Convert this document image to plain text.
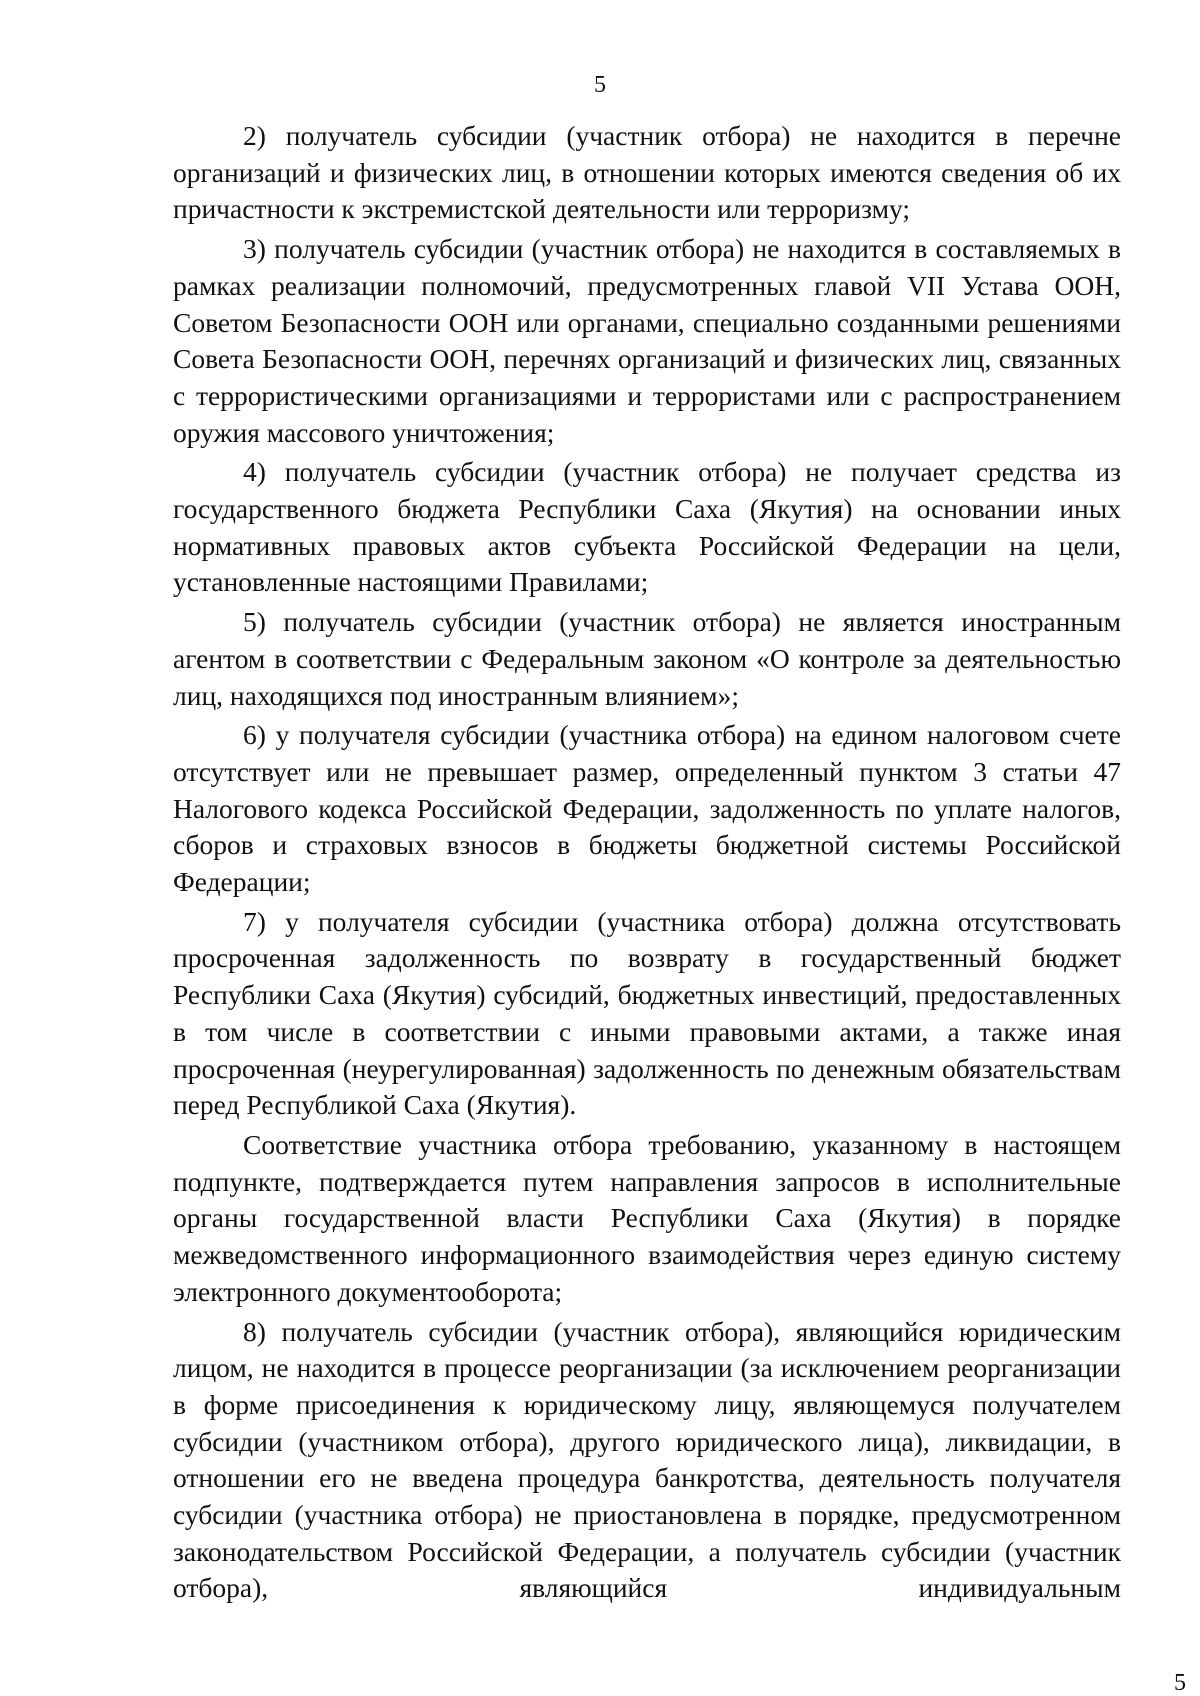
5

2) получатель субсидии (участник отбора) не находится в перечне организаций и физических лиц, в отношении которых имеются сведения об их причастности к экстремистской деятельности или терроризму;

3) получатель субсидии (участник отбора) не находится в составляемых в рамках реализации полномочий, предусмотренных главой VII Устава ООН, Советом Безопасности ООН или органами, специально созданными решениями Совета Безопасности ООН, перечнях организаций и физических лиц, связанных с террористическими организациями и террористами или с распространением оружия массового уничтожения;

4) получатель субсидии (участник отбора) не получает средства из государственного бюджета Республики Саха (Якутия) на основании иных нормативных правовых актов субъекта Российской Федерации на цели, установленные настоящими Правилами;

5) получатель субсидии (участник отбора) не является иностранным агентом в соответствии с Федеральным законом «О контроле за деятельностью лиц, находящихся под иностранным влиянием»;

6) у получателя субсидии (участника отбора) на едином налоговом счете отсутствует или не превышает размер, определенный пунктом 3 статьи 47 Налогового кодекса Российской Федерации, задолженность по уплате налогов, сборов и страховых взносов в бюджеты бюджетной системы Российской Федерации;

7) у получателя субсидии (участника отбора) должна отсутствовать просроченная задолженность по возврату в государственный бюджет Республики Саха (Якутия) субсидий, бюджетных инвестиций, предоставленных в том числе в соответствии с иными правовыми актами, а также иная просроченная (неурегулированная) задолженность по денежным обязательствам перед Республикой Саха (Якутия).

Соответствие участника отбора требованию, указанному в настоящем подпункте, подтверждается путем направления запросов в исполнительные органы государственной власти Республики Саха (Якутия) в порядке межведомственного информационного взаимодействия через единую систему электронного документооборота;

8) получатель субсидии (участник отбора), являющийся юридическим лицом, не находится в процессе реорганизации (за исключением реорганизации в форме присоединения к юридическому лицу, являющемуся получателем субсидии (участником отбора), другого юридического лица), ликвидации, в отношении его не введена процедура банкротства, деятельность получателя субсидии (участника отбора) не приостановлена в порядке, предусмотренном законодательством Российской Федерации, а получатель субсидии (участник отбора), являющийся индивидуальным

5
